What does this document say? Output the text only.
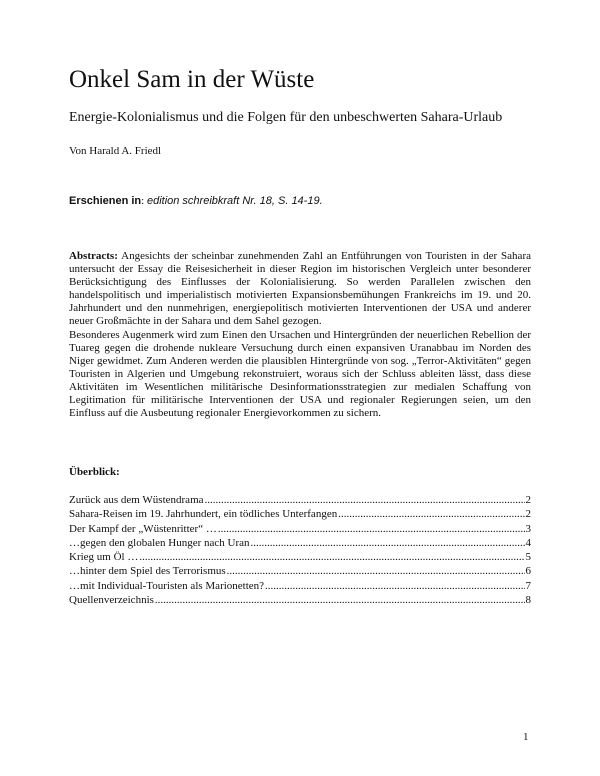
Onkel Sam in der Wüste
Energie-Kolonialismus und die Folgen für den unbeschwerten Sahara-Urlaub
Von Harald A. Friedl
Erschienen in: edition schreibkraft Nr. 18, S. 14-19.

Abstracts: Angesichts der scheinbar zunehmenden Zahl an Entführungen von Touristen in der Sahara untersucht der Essay die Reisesicherheit in dieser Region im historischen Vergleich unter besonderer Berücksichtigung des Einflusses der Kolonialisierung. So werden Parallelen zwischen den handelspolitisch und imperialistisch motivierten Expansionsbemühungen Frankreichs im 19. und 20. Jahrhundert und den nunmehrigen, energiepolitisch motivierten Interventionen der USA und anderer neuer Großmächte in der Sahara und dem Sahel gezogen.

Besonderes Augenmerk wird zum Einen den Ursachen und Hintergründen der neuerlichen Rebellion der Tuareg gegen die drohende nukleare Versuchung durch einen expansiven Uranabbau im Norden des Niger gewidmet. Zum Anderen werden die plausiblen Hintergründe von sog. „Terror-Aktivitäten“ gegen Touristen in Algerien und Umgebung rekonstruiert, woraus sich der Schluss ableiten lässt, dass diese Aktivitäten im Wesentlichen militärische Desinformationsstrategien zur medialen Schaffung von Legitimation für militärische Interventionen der USA und regionaler Regierungen seien, um den Einfluss auf die Ausbeutung regionaler Energievorkommen zu sichern.

Überblick:
Zurück aus dem Wüstendrama .....	2
Sahara-Reisen im 19. Jahrhundert, ein tödliches Unterfangen .....	2
Der Kampf der „Wüstenritter“ … .....	3
…gegen den globalen Hunger nach Uran .....	4
Krieg um Öl … .....	5
…hinter dem Spiel des Terrorismus .....	6
…mit Individual-Touristen als Marionetten? .....	7
Quellenverzeichnis .....	8
1
